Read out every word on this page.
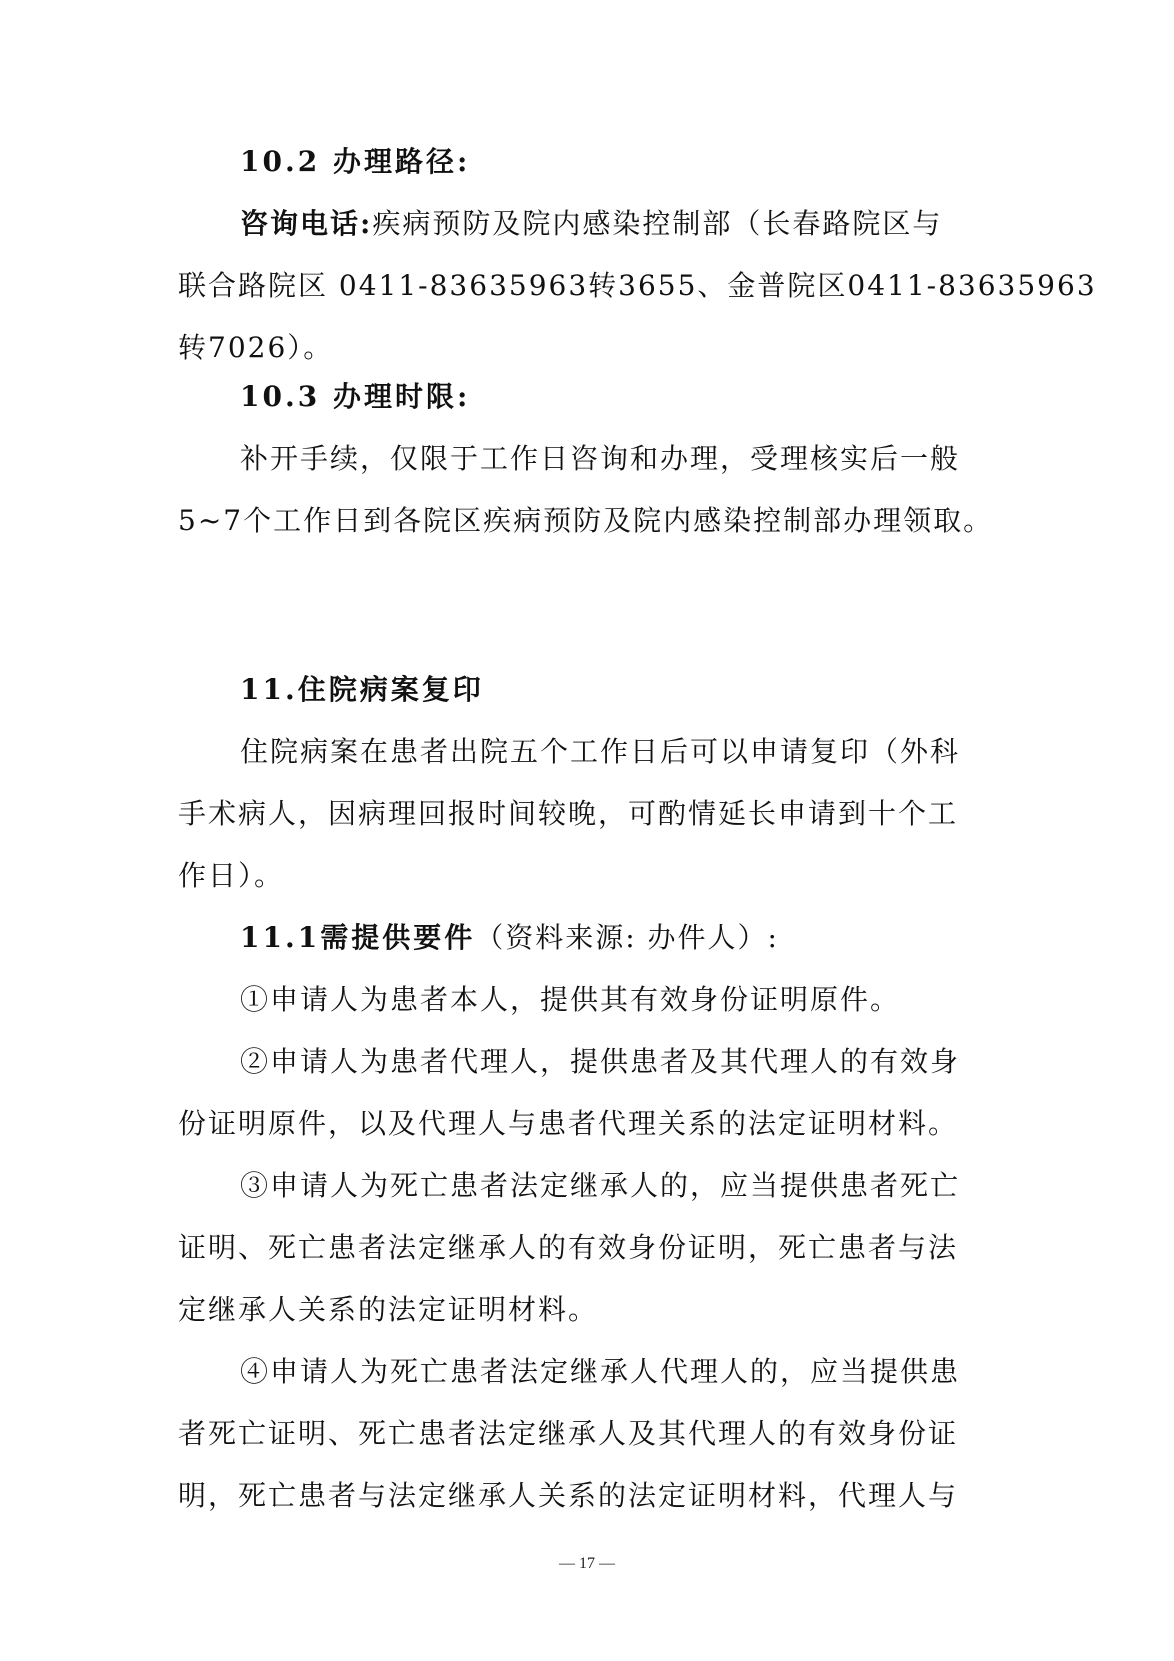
10.2 办理路径:
咨询电话:疾病预防及院内感染控制部（长春路院区与
联合路院区 0411-83635963转3655、金普院区0411-83635963
转7026）。
10.3 办理时限:
补开手续，仅限于工作日咨询和办理，受理核实后一般
5~7个工作日到各院区疾病预防及院内感染控制部办理领取。
11.住院病案复印
住院病案在患者出院五个工作日后可以申请复印（外科
手术病人，因病理回报时间较晚，可酌情延长申请到十个工
作日）。
11.1需提供要件（资料来源: 办件人）:
①申请人为患者本人，提供其有效身份证明原件。
②申请人为患者代理人，提供患者及其代理人的有效身
份证明原件，以及代理人与患者代理关系的法定证明材料。
③申请人为死亡患者法定继承人的，应当提供患者死亡
证明、死亡患者法定继承人的有效身份证明，死亡患者与法
定继承人关系的法定证明材料。
④申请人为死亡患者法定继承人代理人的，应当提供患
者死亡证明、死亡患者法定继承人及其代理人的有效身份证
明，死亡患者与法定继承人关系的法定证明材料，代理人与
— 17 —
